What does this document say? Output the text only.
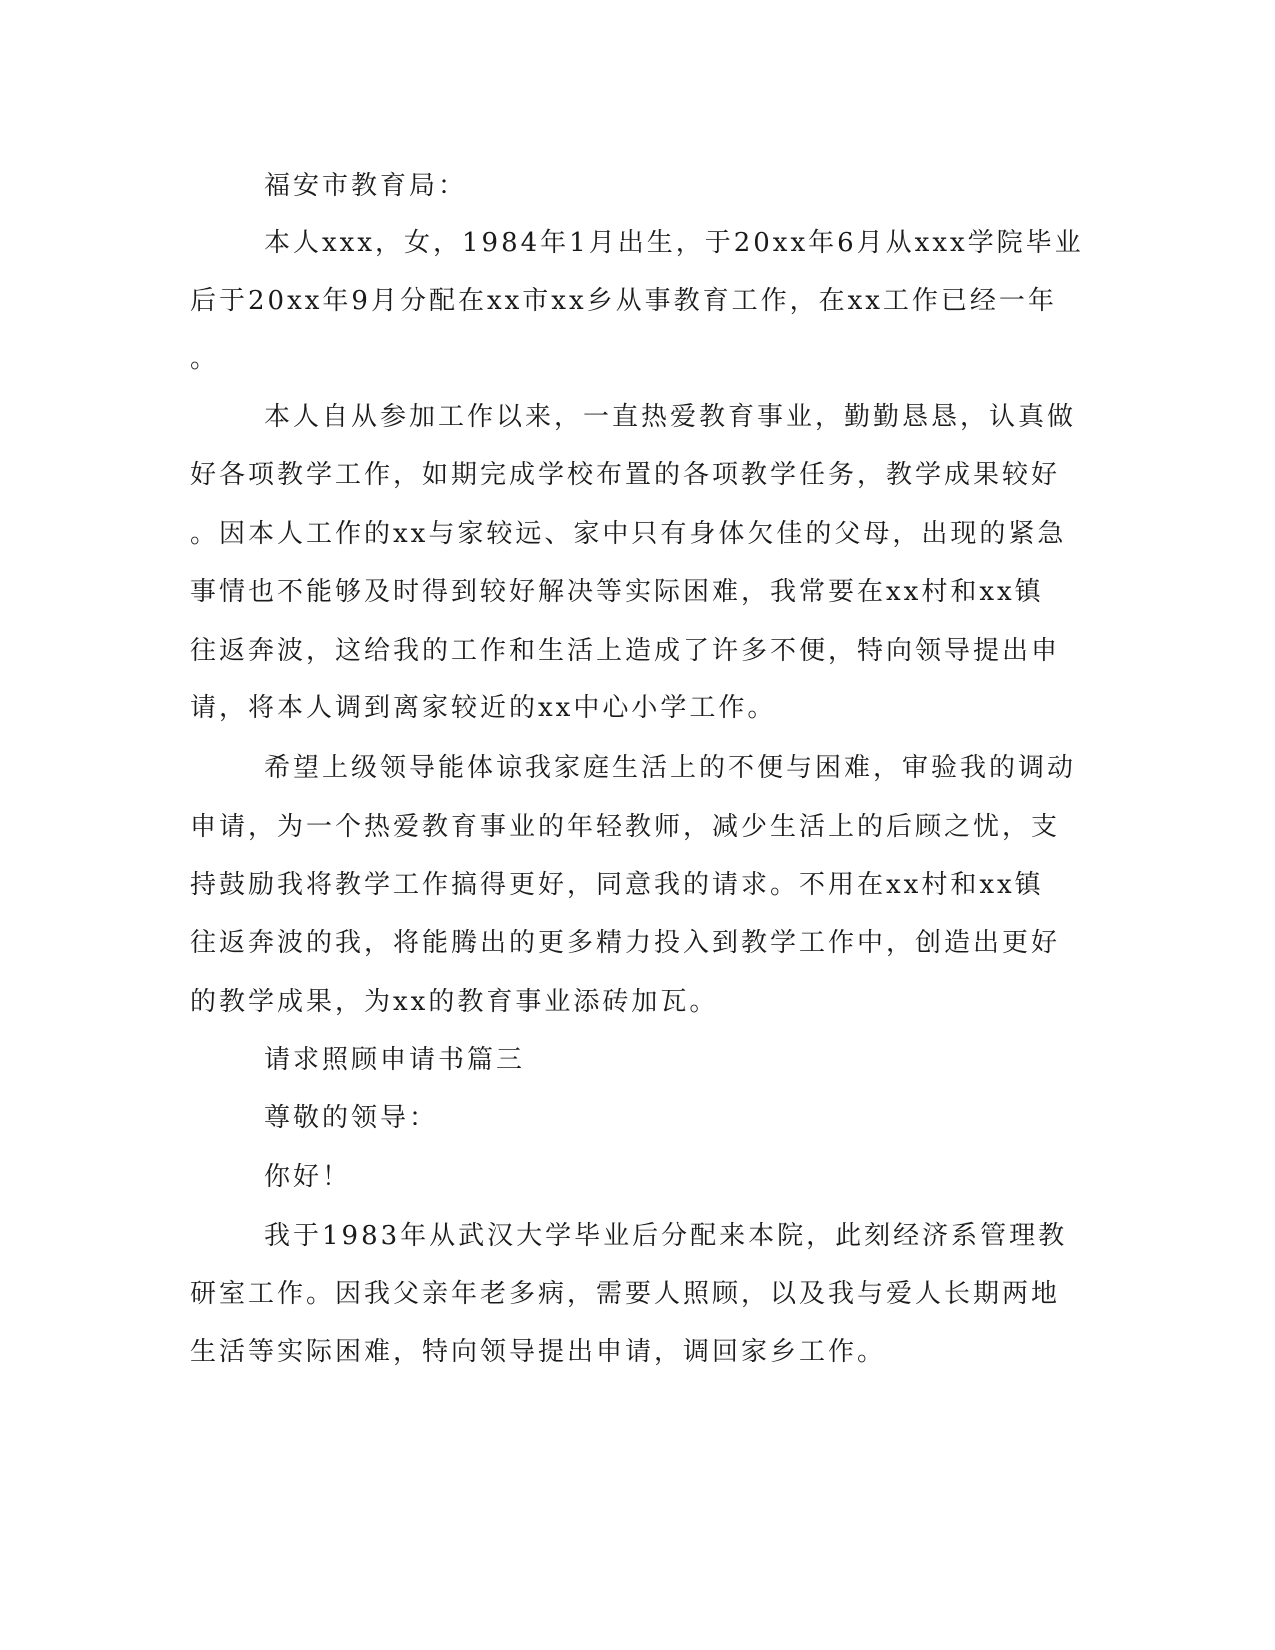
福安市教育局：
本人xxx，女，1984年1月出生，于20xx年6月从xxx学院毕业
后于20xx年9月分配在xx市xx乡从事教育工作，在xx工作已经一年
。
本人自从参加工作以来，一直热爱教育事业，勤勤恳恳，认真做
好各项教学工作，如期完成学校布置的各项教学任务，教学成果较好
。因本人工作的xx与家较远、家中只有身体欠佳的父母，出现的紧急
事情也不能够及时得到较好解决等实际困难，我常要在xx村和xx镇
往返奔波，这给我的工作和生活上造成了许多不便，特向领导提出申
请，将本人调到离家较近的xx中心小学工作。
希望上级领导能体谅我家庭生活上的不便与困难，审验我的调动
申请，为一个热爱教育事业的年轻教师，减少生活上的后顾之忧，支
持鼓励我将教学工作搞得更好，同意我的请求。不用在xx村和xx镇
往返奔波的我，将能腾出的更多精力投入到教学工作中，创造出更好
的教学成果，为xx的教育事业添砖加瓦。
请求照顾申请书篇三
尊敬的领导：
你好！
我于1983年从武汉大学毕业后分配来本院，此刻经济系管理教
研室工作。因我父亲年老多病，需要人照顾，以及我与爱人长期两地
生活等实际困难，特向领导提出申请，调回家乡工作。
